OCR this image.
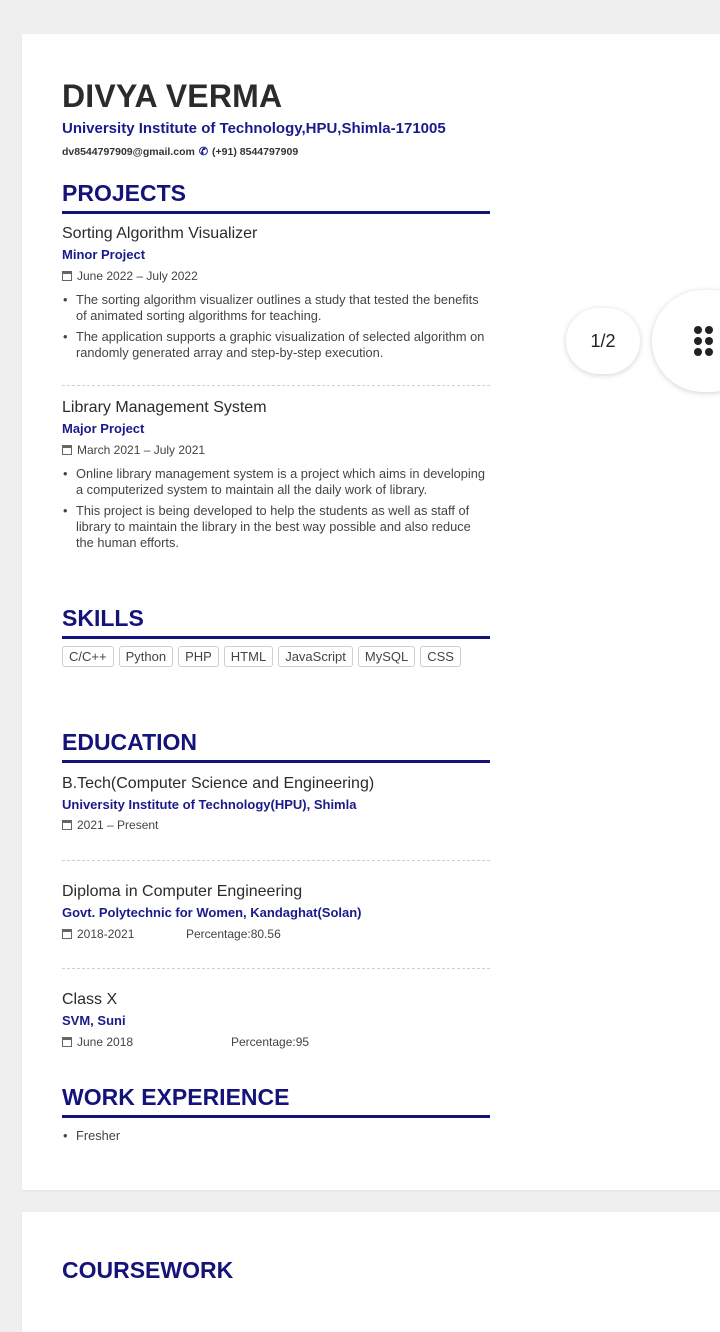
DIVYA VERMA
University Institute of Technology,HPU,Shimla-171005
dv8544797909@gmail.com ✆ (+91) 8544797909
PROJECTS
Sorting Algorithm Visualizer
Minor Project
June 2022 – July 2022
• The sorting algorithm visualizer outlines a study that tested the benefits of animated sorting algorithms for teaching.
• The application supports a graphic visualization of selected algorithm on randomly generated array and step-by-step execution.
Library Management System
Major Project
March 2021 – July 2021
• Online library management system is a project which aims in developing a computerized system to maintain all the daily work of library.
• This project is being developed to help the students as well as staff of library to maintain the library in the best way possible and also reduce the human efforts.
SKILLS
C/C++	Python	PHP	HTML	JavaScript	MySQL	CSS
EDUCATION
B.Tech(Computer Science and Engineering)
University Institute of Technology(HPU), Shimla
2021 – Present
Diploma in Computer Engineering
Govt. Polytechnic for Women, Kandaghat(Solan)
2018-2021	Percentage:80.56
Class X
SVM, Suni
June 2018	Percentage:95
WORK EXPERIENCE
• Fresher
COURSEWORK
1/2
